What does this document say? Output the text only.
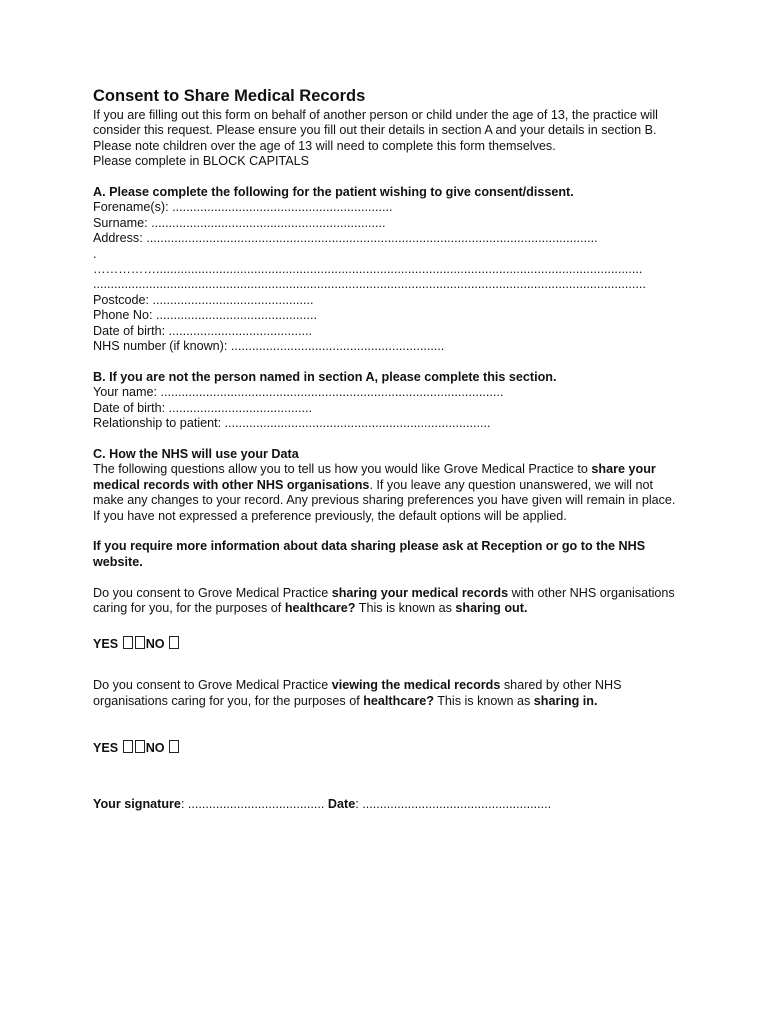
Consent to Share Medical Records
If you are filling out this form on behalf of another person or child under the age of 13, the practice will consider this request. Please ensure you fill out their details in section A and your details in section B.
Please note children over the age of 13 will need to complete this form themselves.
Please complete in BLOCK CAPITALS
A. Please complete the following for the patient wishing to give consent/dissent.
Forename(s): ...............................................................
Surname: ...................................................................
Address: .................................................................................................................................
.
……………...........................................................................................................................................
..............................................................................................................................................................
Postcode: ..............................................
Phone No: ..............................................
Date of birth: .........................................
NHS number (if known): .............................................................
B. If you are not the person named in section A, please complete this section.
Your name: ..................................................................................................
Date of birth: .........................................
Relationship to patient: ............................................................................
C. How the NHS will use your Data
The following questions allow you to tell us how you would like Grove Medical Practice to share your medical records with other NHS organisations. If you leave any question unanswered, we will not make any changes to your record. Any previous sharing preferences you have given will remain in place. If you have not expressed a preference previously, the default options will be applied.
If you require more information about data sharing please ask at Reception or go to the NHS website.
Do you consent to Grove Medical Practice sharing your medical records with other NHS organisations caring for you, for the purposes of healthcare? This is known as sharing out.
YES NO
Do you consent to Grove Medical Practice viewing the medical records shared by other NHS organisations caring for you, for the purposes of healthcare? This is known as sharing in.
YES NO
Your signature: ....................................... Date: ......................................................
